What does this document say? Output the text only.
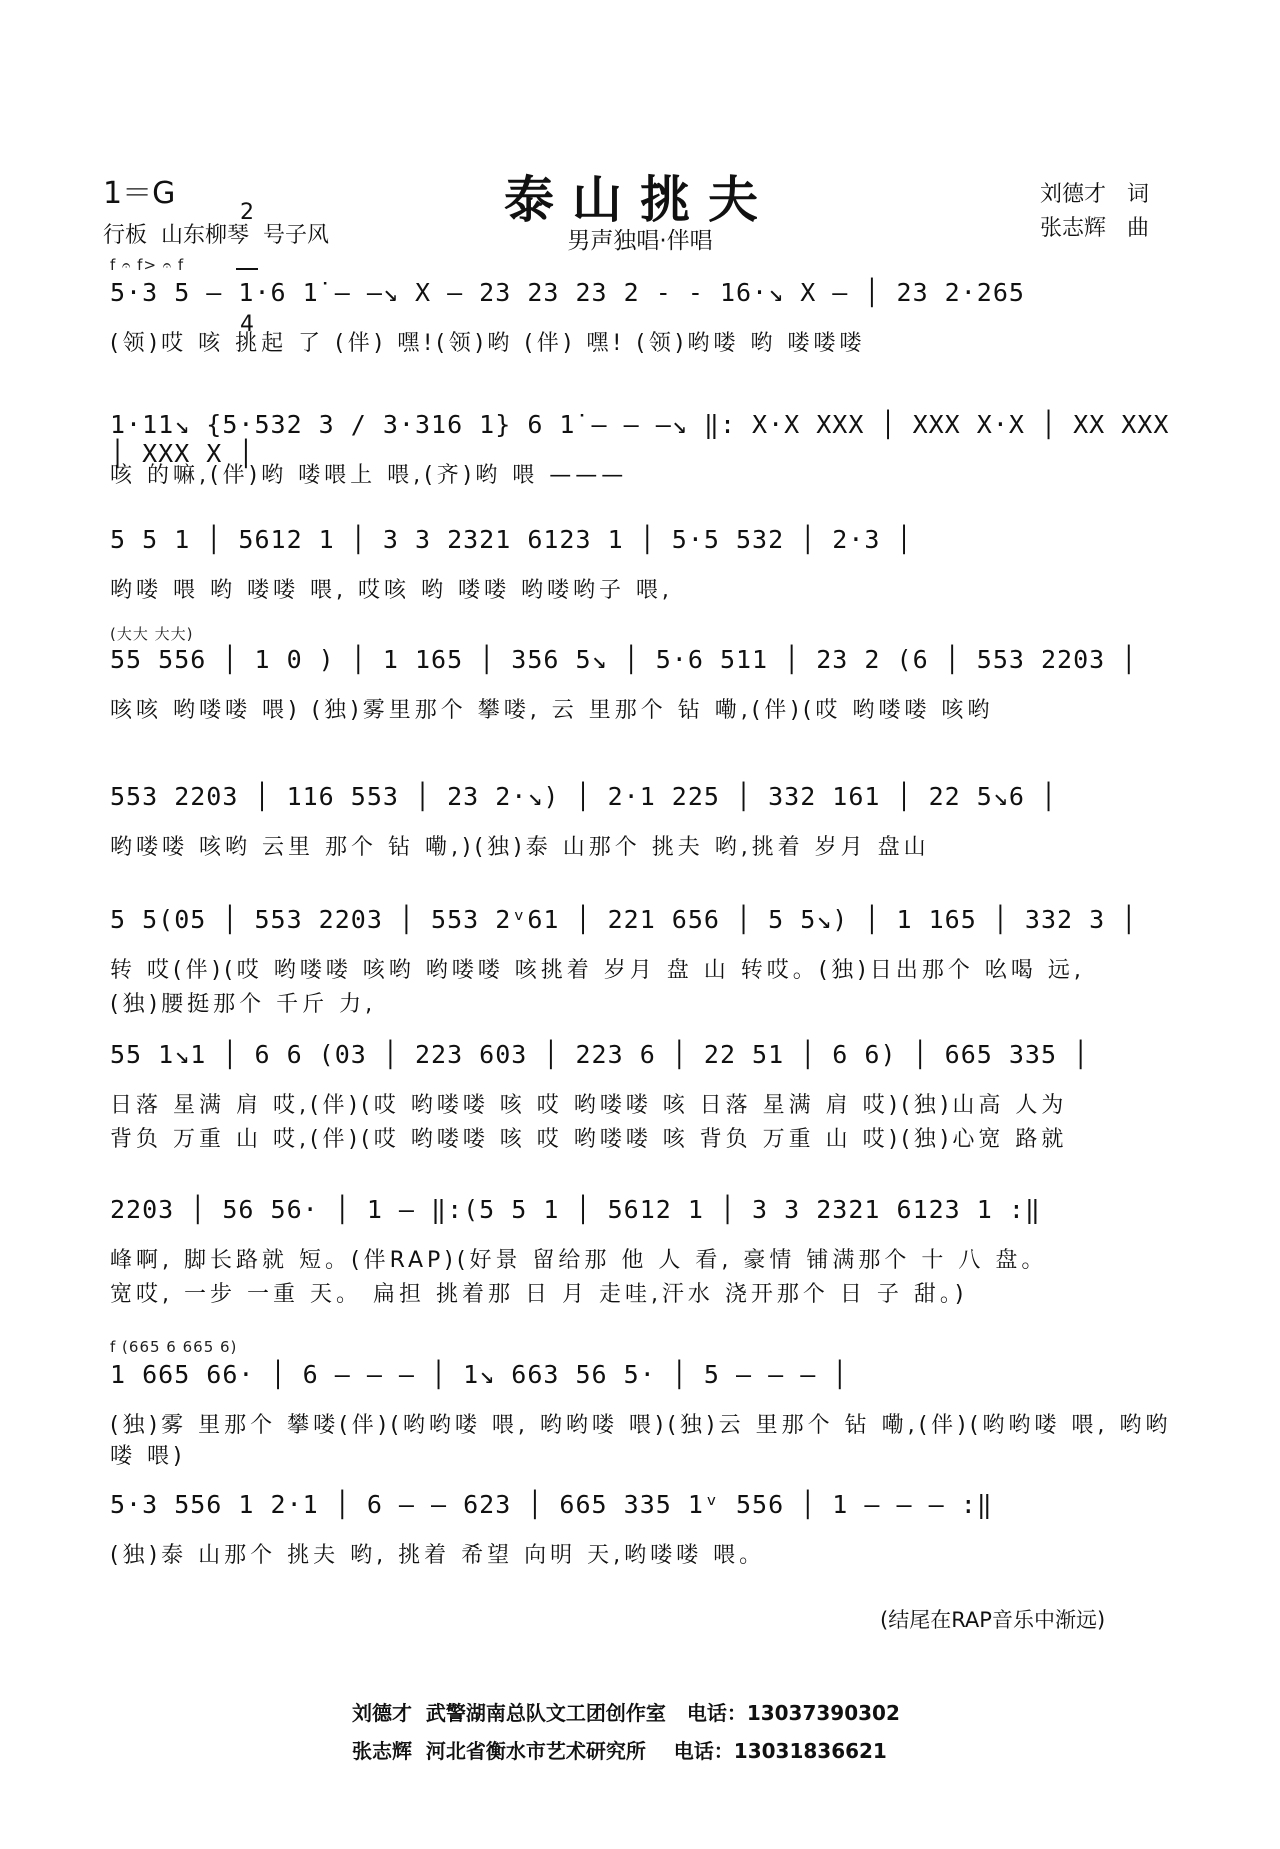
1＝G

2

4

行板  山东柳琴  号子风
泰山挑夫
男声独唱·伴唱
刘德才   词
张志辉   曲
f 𝄐 f> 𝄐 f
5·3 5 — 1·6 1̇ — —↘ X — 23 23 23 2 - - 16·↘ X — │ 23 2·265
(领)哎 咳 挑起 了 (伴) 嘿!(领)哟 (伴) 嘿! (领)哟喽 哟 喽喽喽
1·11↘ {5·532 3 / 3·316 1} 6 1̇ — — —↘ ‖: X·X XXX │ XXX X·X │ XX XXX │ XXX X │
咳 的嘛,(伴)哟 喽喂上 喂,(齐)哟 喂 ———
5 5 1 │ 5612 1 │ 3 3 2321 6123 1 │ 5·5 532 │ 2·3 │
哟喽 喂 哟 喽喽 喂, 哎咳 哟 喽喽 哟喽哟子 喂,
(大大 大大)
55 556 │ 1 0 ) │ 1 165 │ 356 5↘ │ 5·6 511 │ 23 2 (6 │ 553 2203 │
咳咳 哟喽喽 喂) (独)雾里那个 攀喽, 云 里那个 钻 嘞,(伴)(哎 哟喽喽 咳哟
553 2203 │ 116 553 │ 23 2·↘) │ 2·1 225 │ 332 161 │ 22 5↘6 │
哟喽喽 咳哟 云里 那个 钻 嘞,)(独)泰 山那个 挑夫 哟,挑着 岁月 盘山
5 5(05 │ 553 2203 │ 553 2ᵛ61 │ 221 656 │ 5 5↘) │ 1 165 │ 332 3 │
转 哎(伴)(哎 哟喽喽 咳哟 哟喽喽 咳挑着 岁月 盘 山 转哎。(独)日出那个 吆喝 远,
(独)腰挺那个 千斤 力,
55 1↘1 │ 6 6 (03 │ 223 603 │ 223 6 │ 22 51 │ 6 6) │ 665 335 │
日落 星满 肩 哎,(伴)(哎 哟喽喽 咳 哎 哟喽喽 咳 日落 星满 肩 哎)(独)山高 人为
背负 万重 山 哎,(伴)(哎 哟喽喽 咳 哎 哟喽喽 咳 背负 万重 山 哎)(独)心宽 路就
2203 │ 56 56· │ 1 — ‖:(5 5 1 │ 5612 1 │ 3 3 2321 6123 1 :‖
峰啊, 脚长路就 短。(伴RAP)(好景 留给那 他 人 看, 豪情 铺满那个 十 八 盘。
宽哎, 一步 一重 天。 扁担 挑着那 日 月 走哇,汗水 浇开那个 日 子 甜。)
f (665 6 665 6)
1 665 66· │ 6 — — — │ 1↘ 663 56 5· │ 5 — — — │
(独)雾 里那个 攀喽(伴)(哟哟喽 喂, 哟哟喽 喂)(独)云 里那个 钻 嘞,(伴)(哟哟喽 喂, 哟哟喽 喂)
5·3 556 1 2·1 │ 6 — — 623 │ 665 335 1ᵛ 556 │ 1 — — — :‖
(独)泰 山那个 挑夫 哟, 挑着 希望 向明 天,哟喽喽 喂。
(结尾在RAP音乐中渐远)
刘德才  武警湖南总队文工团创作室   电话：13037390302
张志辉  河北省衡水市艺术研究所    电话：13031836621
